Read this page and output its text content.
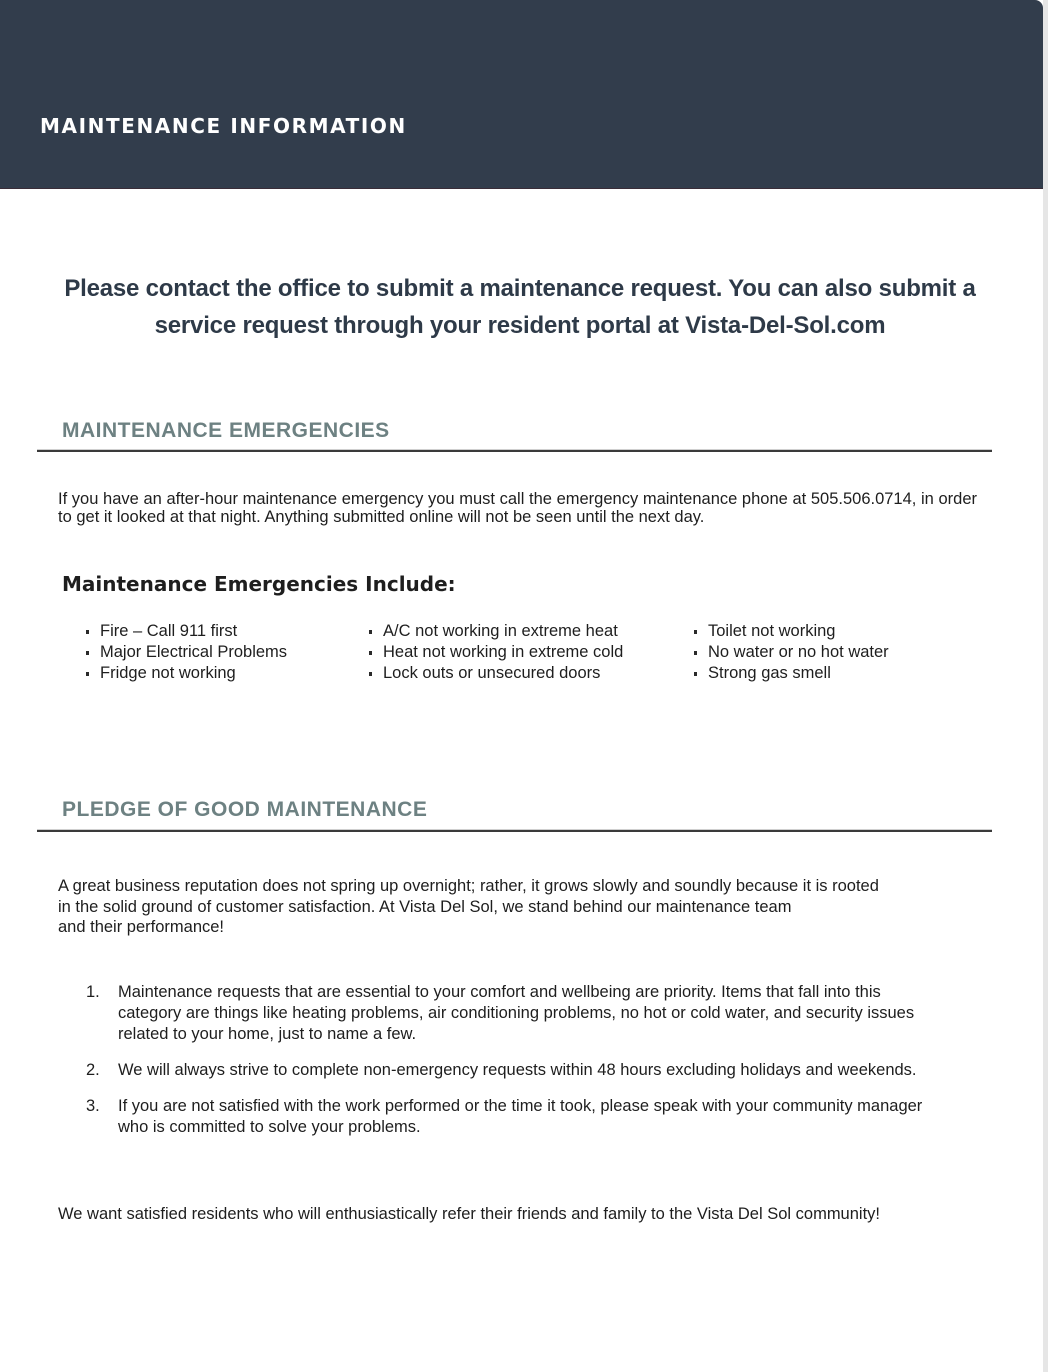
MAINTENANCE INFORMATION
Please contact the office to submit a maintenance request. You can also submit a service request through your resident portal at Vista-Del-Sol.com
MAINTENANCE EMERGENCIES
If you have an after-hour maintenance emergency you must call the emergency maintenance phone at 505.506.0714, in order to get it looked at that night. Anything submitted online will not be seen until the next day.
Maintenance Emergencies Include:
Fire – Call 911 first
Major Electrical Problems
Fridge not working
A/C not working in extreme heat
Heat not working in extreme cold
Lock outs or unsecured doors
Toilet not working
No water or no hot water
Strong gas smell
PLEDGE OF GOOD MAINTENANCE
A great business reputation does not spring up overnight; rather, it grows slowly and soundly because it is rooted
in the solid ground of customer satisfaction. At Vista Del Sol, we stand behind our maintenance team
and their performance!
1. Maintenance requests that are essential to your comfort and wellbeing are priority. Items that fall into this category are things like heating problems, air conditioning problems, no hot or cold water, and security issues related to your home, just to name a few.
2. We will always strive to complete non-emergency requests within 48 hours excluding holidays and weekends.
3. If you are not satisfied with the work performed or the time it took, please speak with your community manager who is committed to solve your problems.
We want satisfied residents who will enthusiastically refer their friends and family to the Vista Del Sol community!
